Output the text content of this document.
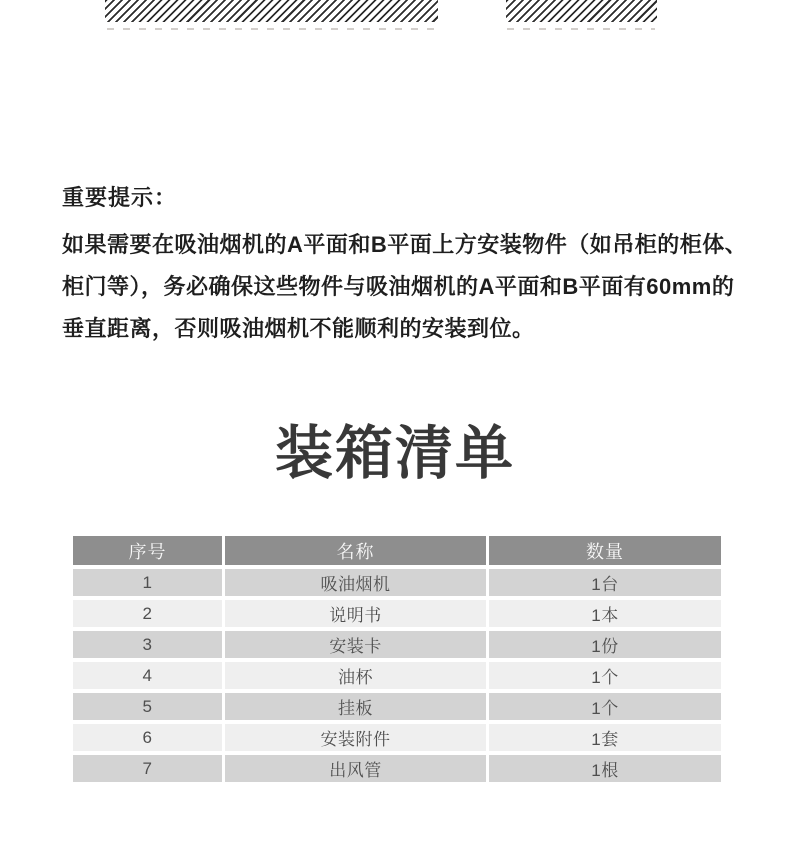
重要提示：
如果需要在吸油烟机的A平面和B平面上方安装物件（如吊柜的柜体、
柜门等），务必确保这些物件与吸油烟机的A平面和B平面有60mm的
垂直距离，否则吸油烟机不能顺利的安装到位。
装箱清单
序号	名称	数量
1	吸油烟机	1台
2	说明书	1本
3	安装卡	1份
4	油杯	1个
5	挂板	1个
6	安装附件	1套
7	出风管	1根
